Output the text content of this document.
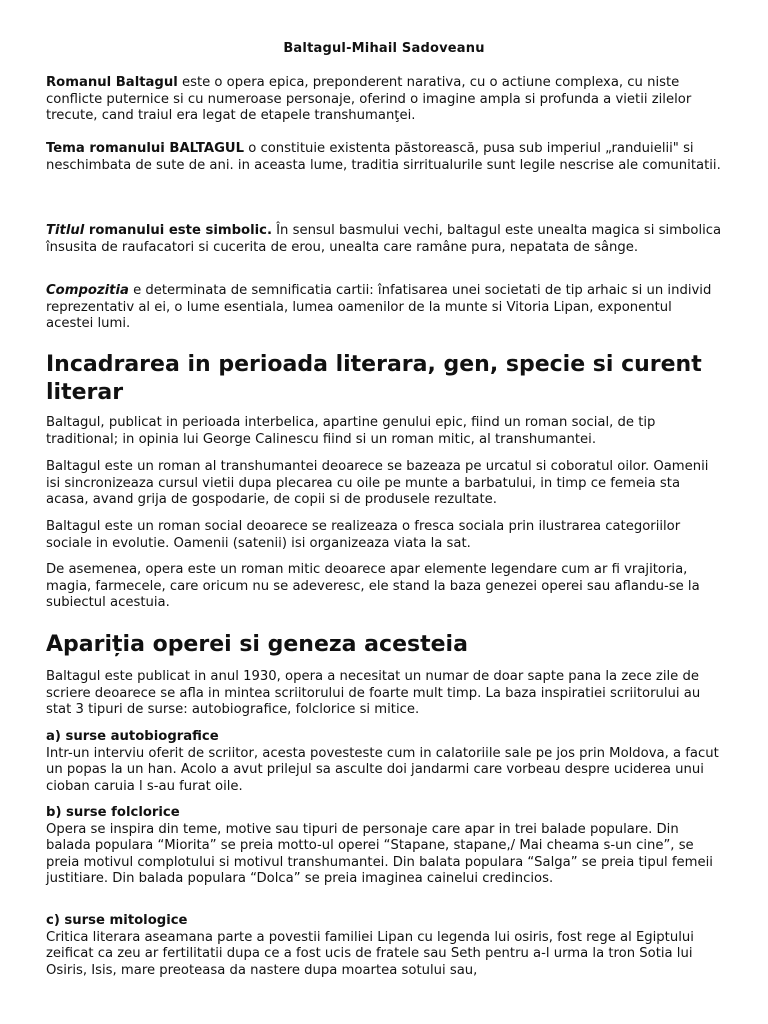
Baltagul-Mihail Sadoveanu

Romanul Baltagul este o opera epica, preponderent narativa, cu o actiune complexa, cu niste conflicte puternice si cu numeroase personaje, oferind o imagine ampla si profunda a vietii zilelor trecute, cand traiul era legat de etapele transhumanţei.

Tema romanului BALTAGUL o constituie existenta păstorească, pusa sub imperiul „randuielii" si neschimbata de sute de ani. in aceasta lume, traditia sirritualurile sunt legile nescrise ale comunitatii.

Titlul romanului este simbolic. În sensul basmului vechi, baltagul este unealta magica si simbolica însusita de raufacatori si cucerita de erou, unealta care ramâne pura, nepatata de sânge.

Compozitia e determinata de semnificatia cartii: înfatisarea unei societati de tip arhaic si un individ reprezentativ al ei, o lume esentiala, lumea oamenilor de la munte si Vitoria Lipan, exponentul acestei lumi.

Incadrarea in perioada literara, gen, specie si curent literar

Baltagul, publicat in perioada interbelica, apartine genului epic, fiind un roman social, de tip traditional; in opinia lui George Calinescu fiind si un roman mitic, al transhumantei.

Baltagul este un roman al transhumantei deoarece se bazeaza pe urcatul si coboratul oilor. Oamenii isi sincronizeaza cursul vietii dupa plecarea cu oile pe munte a barbatului, in timp ce femeia sta acasa, avand grija de gospodarie, de copii si de produsele rezultate.

Baltagul este un roman social deoarece se realizeaza o fresca sociala prin ilustrarea categoriilor sociale in evolutie. Oamenii (satenii) isi organizeaza viata la sat.

De asemenea, opera este un roman mitic deoarece apar elemente legendare cum ar fi vrajitoria, magia, farmecele, care oricum nu se adeveresc, ele stand la baza genezei operei sau aflandu-se la subiectul acestuia.

Apariția operei si geneza acesteia

Baltagul este publicat in anul 1930, opera a necesitat un numar de doar sapte pana la zece zile de scriere deoarece se afla in mintea scriitorului de foarte mult timp. La baza inspiratiei scriitorului au stat 3 tipuri de surse: autobiografice, folclorice si mitice.

a) surse autobiografice

Intr-un interviu oferit de scriitor, acesta povesteste cum in calatoriile sale pe jos prin Moldova, a facut un popas la un han. Acolo a avut prilejul sa asculte doi jandarmi care vorbeau despre uciderea unui cioban caruia l s-au furat oile.

b) surse folclorice

Opera se inspira din teme, motive sau tipuri de personaje care apar in trei balade populare. Din balada populara “Miorita” se preia motto-ul operei “Stapane, stapane,/ Mai cheama s-un cine”, se preia motivul complotului si motivul transhumantei. Din balata populara “Salga” se preia tipul femeii justitiare. Din balada populara “Dolca” se preia imaginea cainelui credincios.

c) surse mitologice

Critica literara aseamana parte a povestii familiei Lipan cu legenda lui osiris, fost rege al Egiptului zeificat ca zeu ar fertilitatii dupa ce a fost ucis de fratele sau Seth pentru a-l urma la tron Sotia lui Osiris, Isis, mare preoteasa da nastere dupa moartea sotului sau,
